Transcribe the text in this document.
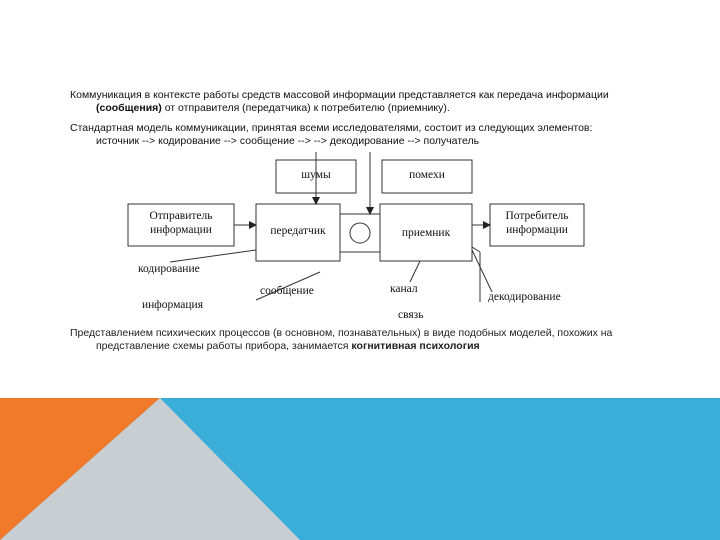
Коммуникация в контексте работы средств массовой информации представляется как передача информации
(сообщения) от отправителя (передатчика) к потребителю (приемнику).

Стандартная модель коммуникации, принятая всеми исследователями, состоит из следующих элементов:
источник --> кодирование --> сообщение --> --> декодирование --> получатель

шумы	помехи
Отправитель
информации	передатчик	приемник
Потребитель
информации
кодирование
информация
сообщение	канал
связь
декодирование

Представлением психических процессов (в основном, познавательных) в виде подобных моделей, похожих на
представление схемы работы прибора, занимается когнитивная психология
